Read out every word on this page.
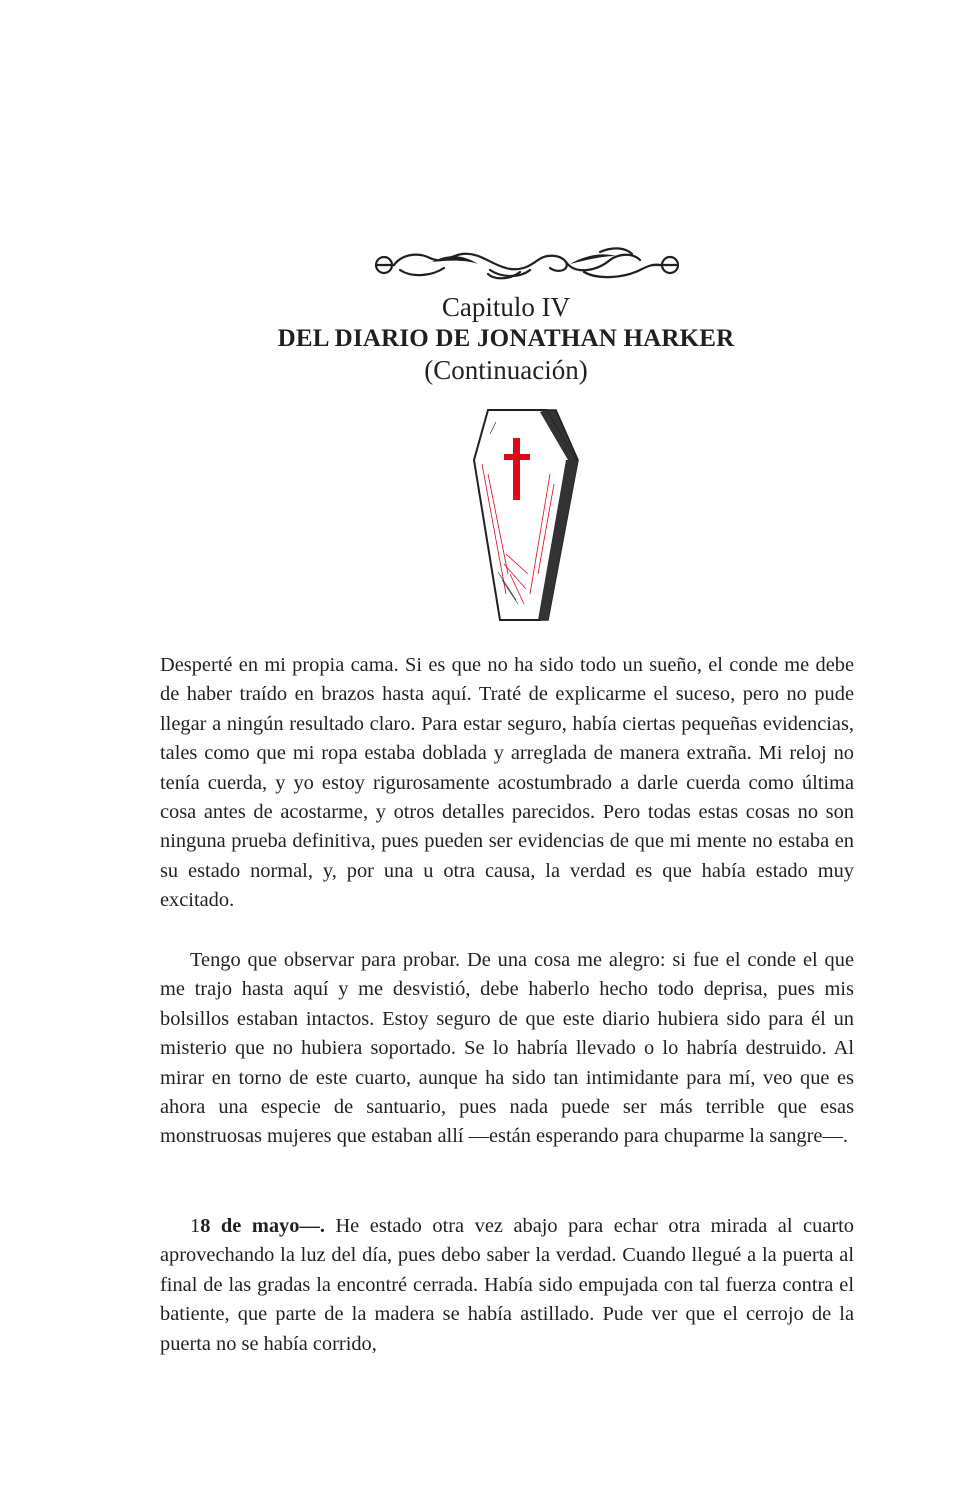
Capitulo IV
DEL DIARIO DE JONATHAN HARKER
(Continuación)

Desperté en mi propia cama. Si es que no ha sido todo un sueño, el conde me debe de haber traído en brazos hasta aquí. Traté de explicarme el suceso, pero no pude llegar a ningún resultado claro. Para estar seguro, había ciertas pequeñas evidencias, tales como que mi ropa estaba doblada y arreglada de manera extraña. Mi reloj no tenía cuerda, y yo estoy rigurosamente acostumbrado a darle cuerda como última cosa antes de acostarme, y otros detalles parecidos. Pero todas estas cosas no son ninguna prueba definitiva, pues pueden ser evidencias de que mi mente no estaba en su estado normal, y, por una u otra causa, la verdad es que había estado muy excitado.

Tengo que observar para probar. De una cosa me alegro: si fue el conde el que me trajo hasta aquí y me desvistió, debe haberlo hecho todo deprisa, pues mis bolsillos estaban intactos. Estoy seguro de que este diario hubiera sido para él un misterio que no hubiera soportado. Se lo habría llevado o lo habría destruido. Al mirar en torno de este cuarto, aunque ha sido tan intimidante para mí, veo que es ahora una especie de santuario, pues nada puede ser más terrible que esas monstruosas mujeres que estaban allí —están esperando para chuparme la sangre—.

18 de mayo—. He estado otra vez abajo para echar otra mirada al cuarto aprovechando la luz del día, pues debo saber la verdad. Cuando llegué a la puerta al final de las gradas la encontré cerrada. Había sido empujada con tal fuerza contra el batiente, que parte de la madera se había astillado. Pude ver que el cerrojo de la puerta no se había corrido,
